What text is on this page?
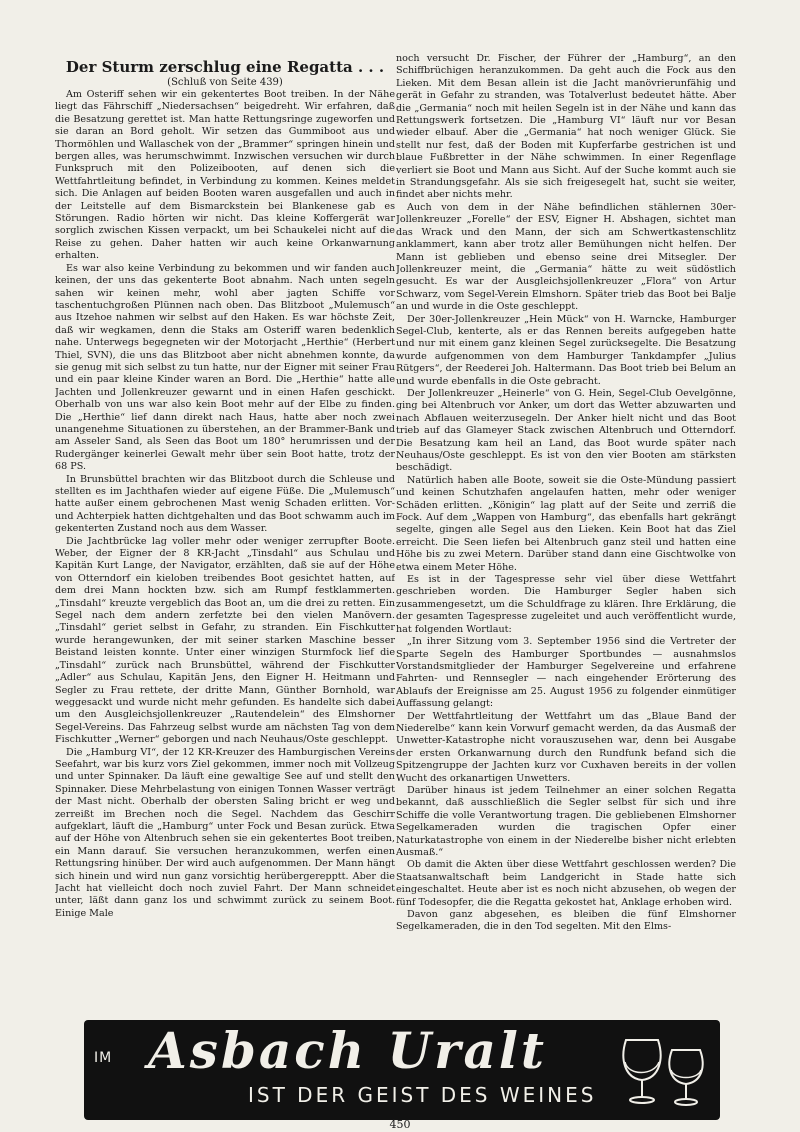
Der Sturm zerschlug eine Regatta . . .

(Schluß von Seite 439)

Am Osteriff sehen wir ein gekentertes Boot treiben. In der Nähe liegt das Fährschiff „Niedersachsen“ beigedreht. Wir erfahren, daß die Besatzung gerettet ist. Man hatte Rettungsringe zugeworfen und sie daran an Bord geholt. Wir setzen das Gummiboot aus und Thormöhlen und Wallaschek von der „Brammer“ springen hinein und bergen alles, was herumschwimmt. Inzwischen versuchen wir durch Funkspruch mit den Polizeibooten, auf denen sich die Wettfahrtleitung befindet, in Verbindung zu kommen. Keines meldet sich. Die Anlagen auf beiden Booten waren ausgefallen und auch in der Leitstelle auf dem Bismarckstein bei Blankenese gab es Störungen. Radio hörten wir nicht. Das kleine Koffergerät war sorglich zwischen Kissen verpackt, um bei Schaukelei nicht auf die Reise zu gehen. Daher hatten wir auch keine Orkanwarnung erhalten.

Es war also keine Verbindung zu bekommen und wir fanden auch keinen, der uns das gekenterte Boot abnahm. Nach unten segeln sahen wir keinen mehr, wohl aber jagten Schiffe vor taschentuchgroßen Plünnen nach oben. Das Blitzboot „Mulemusch“ aus Itzehoe nahmen wir selbst auf den Haken. Es war höchste Zeit, daß wir wegkamen, denn die Staks am Osteriff waren bedenklich nahe. Unterwegs begegneten wir der Motorjacht „Herthie“ (Herbert Thiel, SVN), die uns das Blitzboot aber nicht abnehmen konnte, da sie genug mit sich selbst zu tun hatte, nur der Eigner mit seiner Frau und ein paar kleine Kinder waren an Bord. Die „Herthie“ hatte alle Jachten und Jollenkreuzer gewarnt und in einen Hafen geschickt. Oberhalb von uns war also kein Boot mehr auf der Elbe zu finden. Die „Herthie“ lief dann direkt nach Haus, hatte aber noch zwei unangenehme Situationen zu überstehen, an der Brammer-Bank und am Asseler Sand, als Seen das Boot um 180° herumrissen und der Rudergänger keinerlei Gewalt mehr über sein Boot hatte, trotz der 68 PS.

In Brunsbüttel brachten wir das Blitzboot durch die Schleuse und stellten es im Jachthafen wieder auf eigene Füße. Die „Mulemusch“ hatte außer einem gebrochenen Mast wenig Schaden erlitten. Vor- und Achterpiek hatten dichtgehalten und das Boot schwamm auch im gekenterten Zustand noch aus dem Wasser.

Die Jachtbrücke lag voller mehr oder weniger zerrupfter Boote. Weber, der Eigner der 8 KR-Jacht „Tinsdahl“ aus Schulau und Kapitän Kurt Lange, der Navigator, erzählten, daß sie auf der Höhe von Otterndorf ein kieloben treibendes Boot gesichtet hatten, auf dem drei Mann hockten bzw. sich am Rumpf festklammerten. „Tinsdahl“ kreuzte vergeblich das Boot an, um die drei zu retten. Ein Segel nach dem andern zerfetzte bei den vielen Manövern. „Tinsdahl“ geriet selbst in Gefahr, zu stranden. Ein Fischkutter wurde herangewunken, der mit seiner starken Maschine besser Beistand leisten konnte. Unter einer winzigen Sturmfock lief die „Tinsdahl“ zurück nach Brunsbüttel, während der Fischkutter „Adler“ aus Schulau, Kapitän Jens, den Eigner H. Heitmann und Segler zu Frau rettete, der dritte Mann, Günther Bornhold, war weggesackt und wurde nicht mehr gefunden. Es handelte sich dabei um den Ausgleichsjollenkreuzer „Rautendelein“ des Elmshorner Segel-Vereins. Das Fahrzeug selbst wurde am nächsten Tag von dem Fischkutter „Werner“ geborgen und nach Neuhaus/Oste geschleppt.

Die „Hamburg VI“, der 12 KR-Kreuzer des Hamburgischen Vereins Seefahrt, war bis kurz vors Ziel gekommen, immer noch mit Vollzeug und unter Spinnaker. Da läuft eine gewaltige See auf und stellt den Spinnaker. Diese Mehrbelastung von einigen Tonnen Wasser verträgt der Mast nicht. Oberhalb der obersten Saling bricht er weg und zerreißt im Brechen noch die Segel. Nachdem das Geschirr aufgeklart, läuft die „Hamburg“ unter Fock und Besan zurück. Etwa auf der Höhe von Altenbruch sehen sie ein gekentertes Boot treiben, ein Mann darauf. Sie versuchen heranzukommen, werfen einen Rettungsring hinüber. Der wird auch aufgenommen. Der Mann hängt sich hinein und wird nun ganz vorsichtig herübergerepptt. Aber die Jacht hat vielleicht doch noch zuviel Fahrt. Der Mann schneidet unter, läßt dann ganz los und schwimmt zurück zu seinem Boot. Einige Male

noch versucht Dr. Fischer, der Führer der „Hamburg“, an den Schiffbrüchigen heranzukommen. Da geht auch die Fock aus den Lieken. Mit dem Besan allein ist die Jacht manövrierunfähig und gerät in Gefahr zu stranden, was Totalverlust bedeutet hätte. Aber die „Germania“ noch mit heilen Segeln ist in der Nähe und kann das Rettungswerk fortsetzen. Die „Hamburg VI“ läuft nur vor Besan wieder elbauf. Aber die „Germania“ hat noch weniger Glück. Sie stellt nur fest, daß der Boden mit Kupferfarbe gestrichen ist und blaue Fußbretter in der Nähe schwimmen. In einer Regenflage verliert sie Boot und Mann aus Sicht. Auf der Suche kommt auch sie in Strandungsgefahr. Als sie sich freigesegelt hat, sucht sie weiter, findet aber nichts mehr.

Auch von dem in der Nähe befindlichen stählernen 30er-Jollenkreuzer „Forelle“ der ESV, Eigner H. Abshagen, sichtet man das Wrack und den Mann, der sich am Schwertkastenschlitz anklammert, kann aber trotz aller Bemühungen nicht helfen. Der Mann ist geblieben und ebenso seine drei Mitsegler. Der Jollenkreuzer meint, die „Germania“ hätte zu weit südöstlich gesucht. Es war der Ausgleichsjollenkreuzer „Flora“ von Artur Schwarz, vom Segel-Verein Elmshorn. Später trieb das Boot bei Balje an und wurde in die Oste geschleppt.

Der 30er-Jollenkreuzer „Hein Mück“ von H. Warncke, Hamburger Segel-Club, kenterte, als er das Rennen bereits aufgegeben hatte und nur mit einem ganz kleinen Segel zurücksegelte. Die Besatzung wurde aufgenommen von dem Hamburger Tankdampfer „Julius Rütgers“, der Reederei Joh. Haltermann. Das Boot trieb bei Belum an und wurde ebenfalls in die Oste gebracht.

Der Jollenkreuzer „Heinerle“ von G. Hein, Segel-Club Oevelgönne, ging bei Altenbruch vor Anker, um dort das Wetter abzuwarten und nach Abflauen weiterzusegeln. Der Anker hielt nicht und das Boot trieb auf das Glameyer Stack zwischen Altenbruch und Otterndorf. Die Besatzung kam heil an Land, das Boot wurde später nach Neuhaus/Oste geschleppt. Es ist von den vier Booten am stärksten beschädigt.

Natürlich haben alle Boote, soweit sie die Oste-Mündung passiert und keinen Schutzhafen angelaufen hatten, mehr oder weniger Schäden erlitten. „Königin“ lag platt auf der Seite und zerriß die Fock. Auf dem „Wappen von Hamburg“, das ebenfalls hart gekrängt segelte, gingen alle Segel aus den Lieken. Kein Boot hat das Ziel erreicht. Die Seen liefen bei Altenbruch ganz steil und hatten eine Höhe bis zu zwei Metern. Darüber stand dann eine Gischtwolke von etwa einem Meter Höhe.

Es ist in der Tagespresse sehr viel über diese Wettfahrt geschrieben worden. Die Hamburger Segler haben sich zusammengesetzt, um die Schuldfrage zu klären. Ihre Erklärung, die der gesamten Tagespresse zugeleitet und auch veröffentlicht wurde, hat folgenden Wortlaut:

„In ihrer Sitzung vom 3. September 1956 sind die Vertreter der Sparte Segeln des Hamburger Sportbundes — ausnahmslos Vorstandsmitglieder der Hamburger Segelvereine und erfahrene Fahrten- und Rennsegler — nach eingehender Erörterung des Ablaufs der Ereignisse am 25. August 1956 zu folgender einmütiger Auffassung gelangt:

Der Wettfahrtleitung der Wettfahrt um das „Blaue Band der Niederelbe“ kann kein Vorwurf gemacht werden, da das Ausmaß der Unwetter-Katastrophe nicht vorauszusehen war, denn bei Ausgabe der ersten Orkanwarnung durch den Rundfunk befand sich die Spitzengruppe der Jachten kurz vor Cuxhaven bereits in der vollen Wucht des orkanartigen Unwetters.

Darüber hinaus ist jedem Teilnehmer an einer solchen Regatta bekannt, daß ausschließlich die Segler selbst für sich und ihre Schiffe die volle Verantwortung tragen. Die gebliebenen Elmshorner Segelkameraden wurden die tragischen Opfer einer Naturkatastrophe von einem in der Niederelbe bisher nicht erlebten Ausmaß.“

Ob damit die Akten über diese Wettfahrt geschlossen werden? Die Staatsanwaltschaft beim Landgericht in Stade hatte sich eingeschaltet. Heute aber ist es noch nicht abzusehen, ob wegen der fünf Todesopfer, die die Regatta gekostet hat, Anklage erhoben wird.

Davon ganz abgesehen, es bleiben die fünf Elmshorner Segelkameraden, die in den Tod segelten. Mit den Elms-

IM Asbach Uralt
IST DER GEIST DES WEINES
450
